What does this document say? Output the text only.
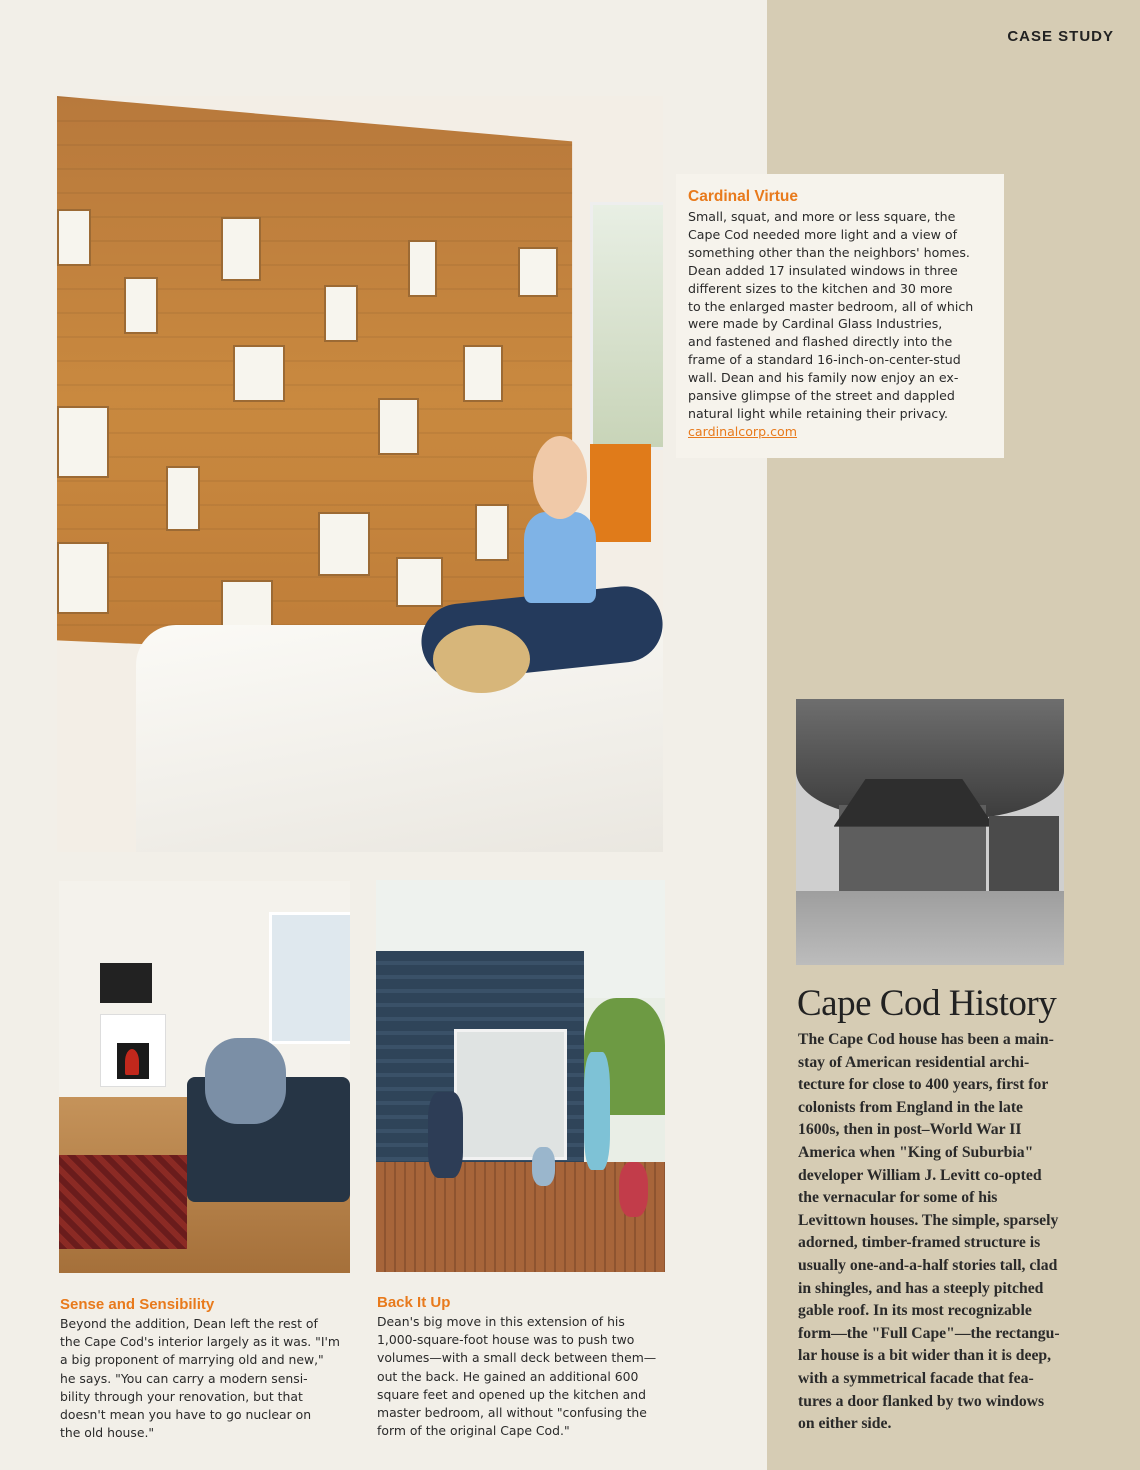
CASE STUDY
Cardinal Virtue
Small, squat, and more or less square, the
Cape Cod needed more light and a view of
something other than the neighbors' homes.
Dean added 17 insulated windows in three
different sizes to the kitchen and 30 more
to the enlarged master bedroom, all of which
were made by Cardinal Glass Industries,
and fastened and flashed directly into the
frame of a standard 16-inch-on-center-stud
wall. Dean and his family now enjoy an ex-
pansive glimpse of the street and dappled
natural light while retaining their privacy.
cardinalcorp.com
Sense and Sensibility
Beyond the addition, Dean left the rest of
the Cape Cod's interior largely as it was. "I'm
a big proponent of marrying old and new,"
he says. "You can carry a modern sensi-
bility through your renovation, but that
doesn't mean you have to go nuclear on
the old house."
Back It Up
Dean's big move in this extension of his
1,000-square-foot house was to push two
volumes—with a small deck between them—
out the back. He gained an additional 600
square feet and opened up the kitchen and
master bedroom, all without "confusing the
form of the original Cape Cod."
Cape Cod History
The Cape Cod house has been a main-
stay of American residential archi-
tecture for close to 400 years, first for
colonists from England in the late
1600s, then in post–World War II
America when "King of Suburbia"
developer William J. Levitt co-opted
the vernacular for some of his
Levittown houses. The simple, sparsely
adorned, timber-framed structure is
usually one-and-a-half stories tall, clad
in shingles, and has a steeply pitched
gable roof. In its most recognizable
form—the "Full Cape"—the rectangu-
lar house is a bit wider than it is deep,
with a symmetrical facade that fea-
tures a door flanked by two windows
on either side.
